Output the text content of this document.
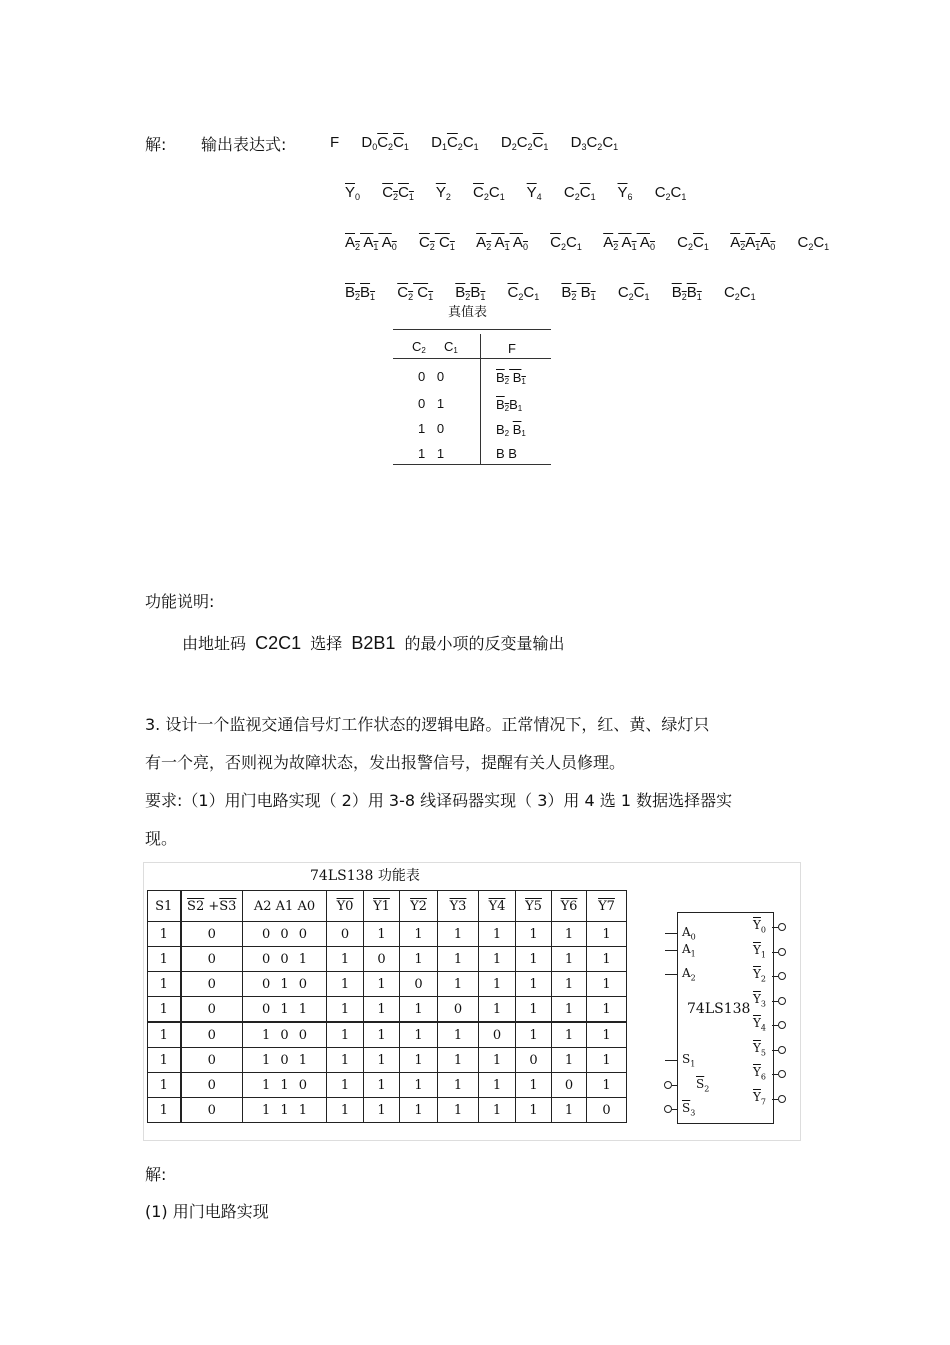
解: 输出表达式:	F $D_0\overline{C}_2\overline{C}_1$ $D_1\overline{C}_2C_1$ $D_2C_2\overline{C}_1$ $D_3C_2C_1$
$\overline{Y}_0$ $C_2C_1$ $\overline{Y}_2$ $\overline{C}_2C_1$ $\overline{Y}_4$ $C_2\overline{C}_1$ $\overline{Y}_6$ $C_2C_1$
$A_2$ $A_1$ $A_0$ $C_2$ $C_1$ $A_2$ $A_1$ $A_0$ $\overline{C}_2C_1$ $A_2$ $A_1$ $A_0$ $C_2\overline{C}_1$ $A_2A_1A_0$ $C_2C_1$
$B_2B_1$ $C_2$ $C_1$ $B_2B_1$ $\overline{C}_2C_1$ $B_2$ $B_1$ $C_2\overline{C}_1$ $B_2B_1$ $C_2C_1$
真值表
$C_2$ $C_1$	F
0 0	$B_2$ $B_1$
0 1	$B_2B_1$
1 0	$B_2$ $\overline{B}_1$
1 1	B B
功能说明:
由地址码 C2C1 选择 B2B1 的最小项的反变量输出
3. 设计一个监视交通信号灯工作状态的逻辑电路。正常情况下，红、黄、绿灯只
有一个亮，否则视为故障状态，发出报警信号，提醒有关人员修理。
要求:（1）用门电路实现（ 2）用 3-8 线译码器实现（ 3）用 4 选 1 数据选择器实
现。
74LS138 功能表
S1	S2 +S3	A2 A1 A0	Y0	Y1	Y2	Y3	Y4	Y5	Y6	Y7
1	0	0 0 0	0	1	1	1	1	1	1	1
1	0	0 0 1	1	0	1	1	1	1	1	1
1	0	0 1 0	1	1	0	1	1	1	1	1
1	0	0 1 1	1	1	1	0	1	1	1	1
1	0	1 0 0	1	1	1	1	0	1	1	1
1	0	1 0 1	1	1	1	1	1	0	1	1
1	0	1 1 0	1	1	1	1	1	1	0	1
1	0	1 1 1	1	1	1	1	1	1	1	0
74LS138
$A_0$
$A_1$
$A_2$
$S_1$
$\overline{S}_2$
$\overline{S}_3$
$\overline{Y}_0$
$\overline{Y}_1$
$\overline{Y}_2$
$\overline{Y}_3$
$\overline{Y}_4$
$\overline{Y}_5$
$\overline{Y}_6$
$\overline{Y}_7$
解:
(1) 用门电路实现
